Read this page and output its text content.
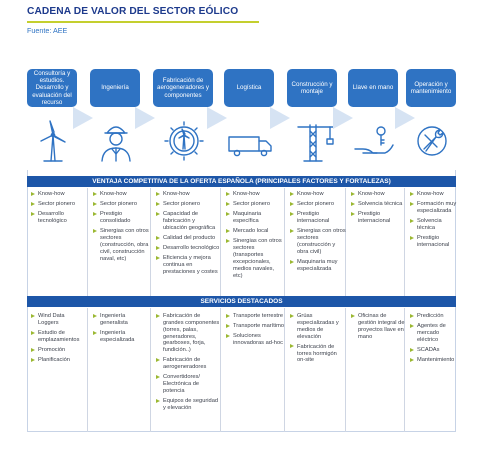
CADENA DE VALOR DEL SECTOR EÓLICO
Fuente: AEE
Consultoría y estudios. Desarrollo y evaluación del recurso
Ingeniería
Fabricación de aerogeneradores y componentes
Logística
Construcción y montaje
Llave en mano
Operación y mantenimiento
VENTAJA COMPETITIVA DE LA OFERTA ESPAÑOLA (PRINCIPALES FACTORES Y FORTALEZAS)
Know-how
Sector pionero
Desarrollo tecnológico
Know-how
Sector pionero
Prestigio consolidado
Sinergias con otros sectores (construcción, obra civil, construcción naval, etc)
Know-how
Sector pionero
Capacidad de fabricación y ubicación geográfica
Calidad del producto
Desarrollo tecnológico
Eficiencia y mejora continua en prestaciones y costes
Know-how
Sector pionero
Maquinaria específica
Mercado local
Sinergias con otros sectores (transportes excepcionales, medios navales, etc)
Know-how
Sector pionero
Prestigio internacional
Sinergias con otros sectores (construcción y obra civil)
Maquinaria muy especializada
Know-how
Solvencia técnica
Prestigio internacional
Know-how
Formación muy especializada
Solvencia técnica
Prestigio internacional
SERVICIOS DESTACADOS
Wind Data Loggers
Estudio de emplazamientos
Promoción
Planificación
Ingeniería generalista
Ingeniería especializada
Fabricación de grandes componentes (torres, palas, generadores, gearboxes, forja, fundición..)
Fabricación de aerogeneradores
Convertidores/ Electrónica de potencia
Equipos de seguridad y elevación
Transporte terrestre
Transporte marítimo
Soluciones innovadoras ad-hoc
Grúas especializadas y medios de elevación
Fabricación de torres hormigón on-site
Oficinas de gestión integral de proyectos llave en mano
Predicción
Agentes de mercado eléctrico
SCADAs
Mantenimiento
